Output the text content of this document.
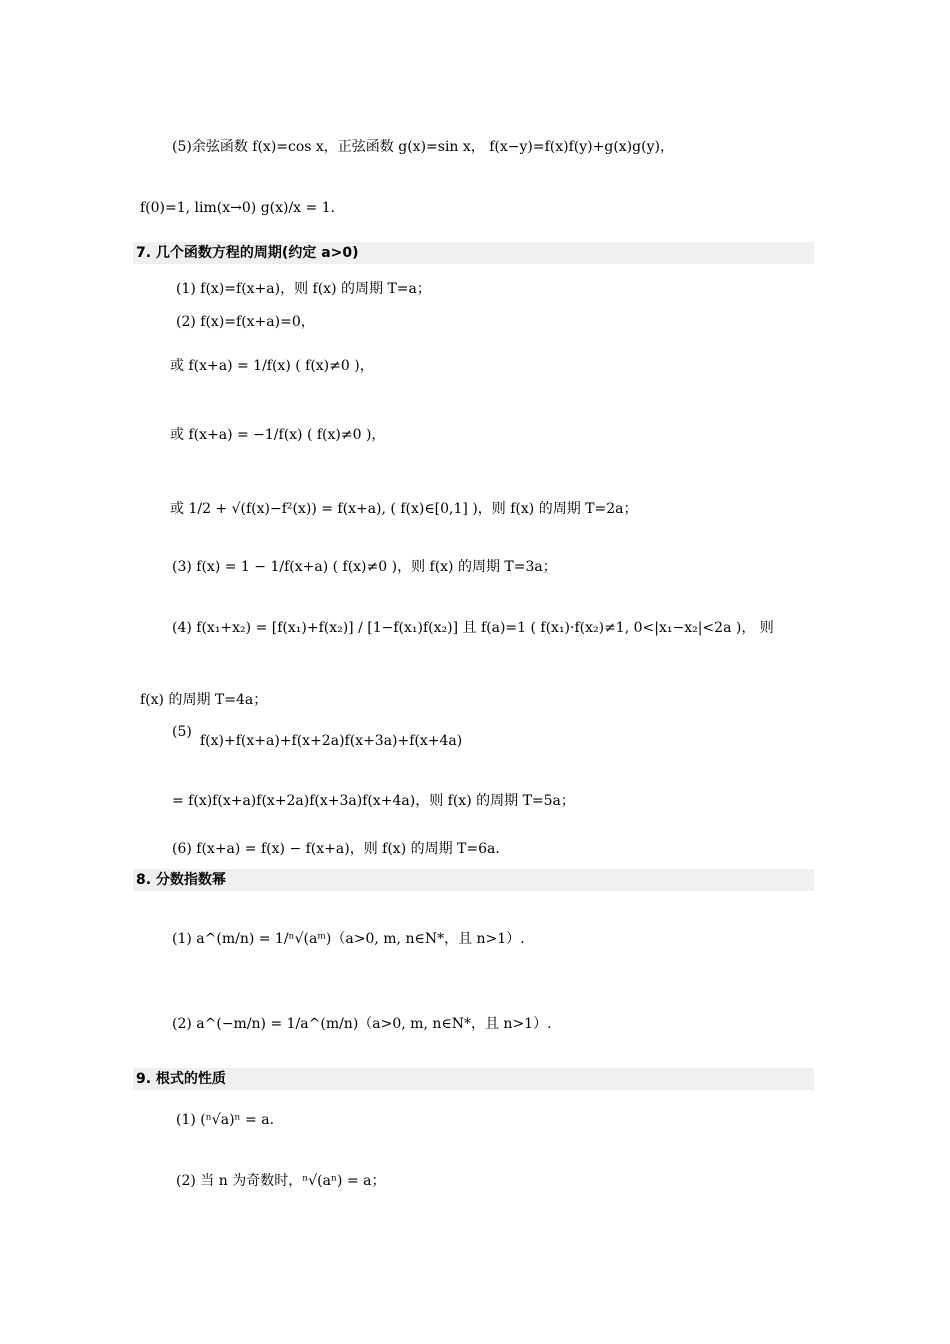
7. 几个函数方程的周期(约定 a>0)
8. 分数指数幂
9. 根式的性质
(5)余弦函数 f(x)=cos x，正弦函数 g(x)=sin x， f(x−y)=f(x)f(y)+g(x)g(y)，
f(0)=1, lim(x→0) g(x)/x = 1.
(1) f(x)=f(x+a)，则 f(x) 的周期 T=a；
(2) f(x)=f(x+a)=0，
或 f(x+a) = 1/f(x) ( f(x)≠0 )，
或 f(x+a) = −1/f(x) ( f(x)≠0 )，
或 1/2 + √(f(x)−f²(x)) = f(x+a), ( f(x)∈[0,1] )，则 f(x) 的周期 T=2a；
(3) f(x) = 1 − 1/f(x+a) ( f(x)≠0 )，则 f(x) 的周期 T=3a；
(4) f(x₁+x₂) = [f(x₁)+f(x₂)] / [1−f(x₁)f(x₂)] 且 f(a)=1 ( f(x₁)·f(x₂)≠1, 0<|x₁−x₂|<2a )， 则
f(x) 的周期 T=4a；
(5)
f(x)+f(x+a)+f(x+2a)f(x+3a)+f(x+4a)
= f(x)f(x+a)f(x+2a)f(x+3a)f(x+4a)，则 f(x) 的周期 T=5a；
(6) f(x+a) = f(x) − f(x+a)，则 f(x) 的周期 T=6a.
(1) a^(m/n) = 1/ⁿ√(aᵐ)（a>0, m, n∈N*，且 n>1）.
(2) a^(−m/n) = 1/a^(m/n)（a>0, m, n∈N*，且 n>1）.
(1) (ⁿ√a)ⁿ = a.
(2) 当 n 为奇数时，ⁿ√(aⁿ) = a；
